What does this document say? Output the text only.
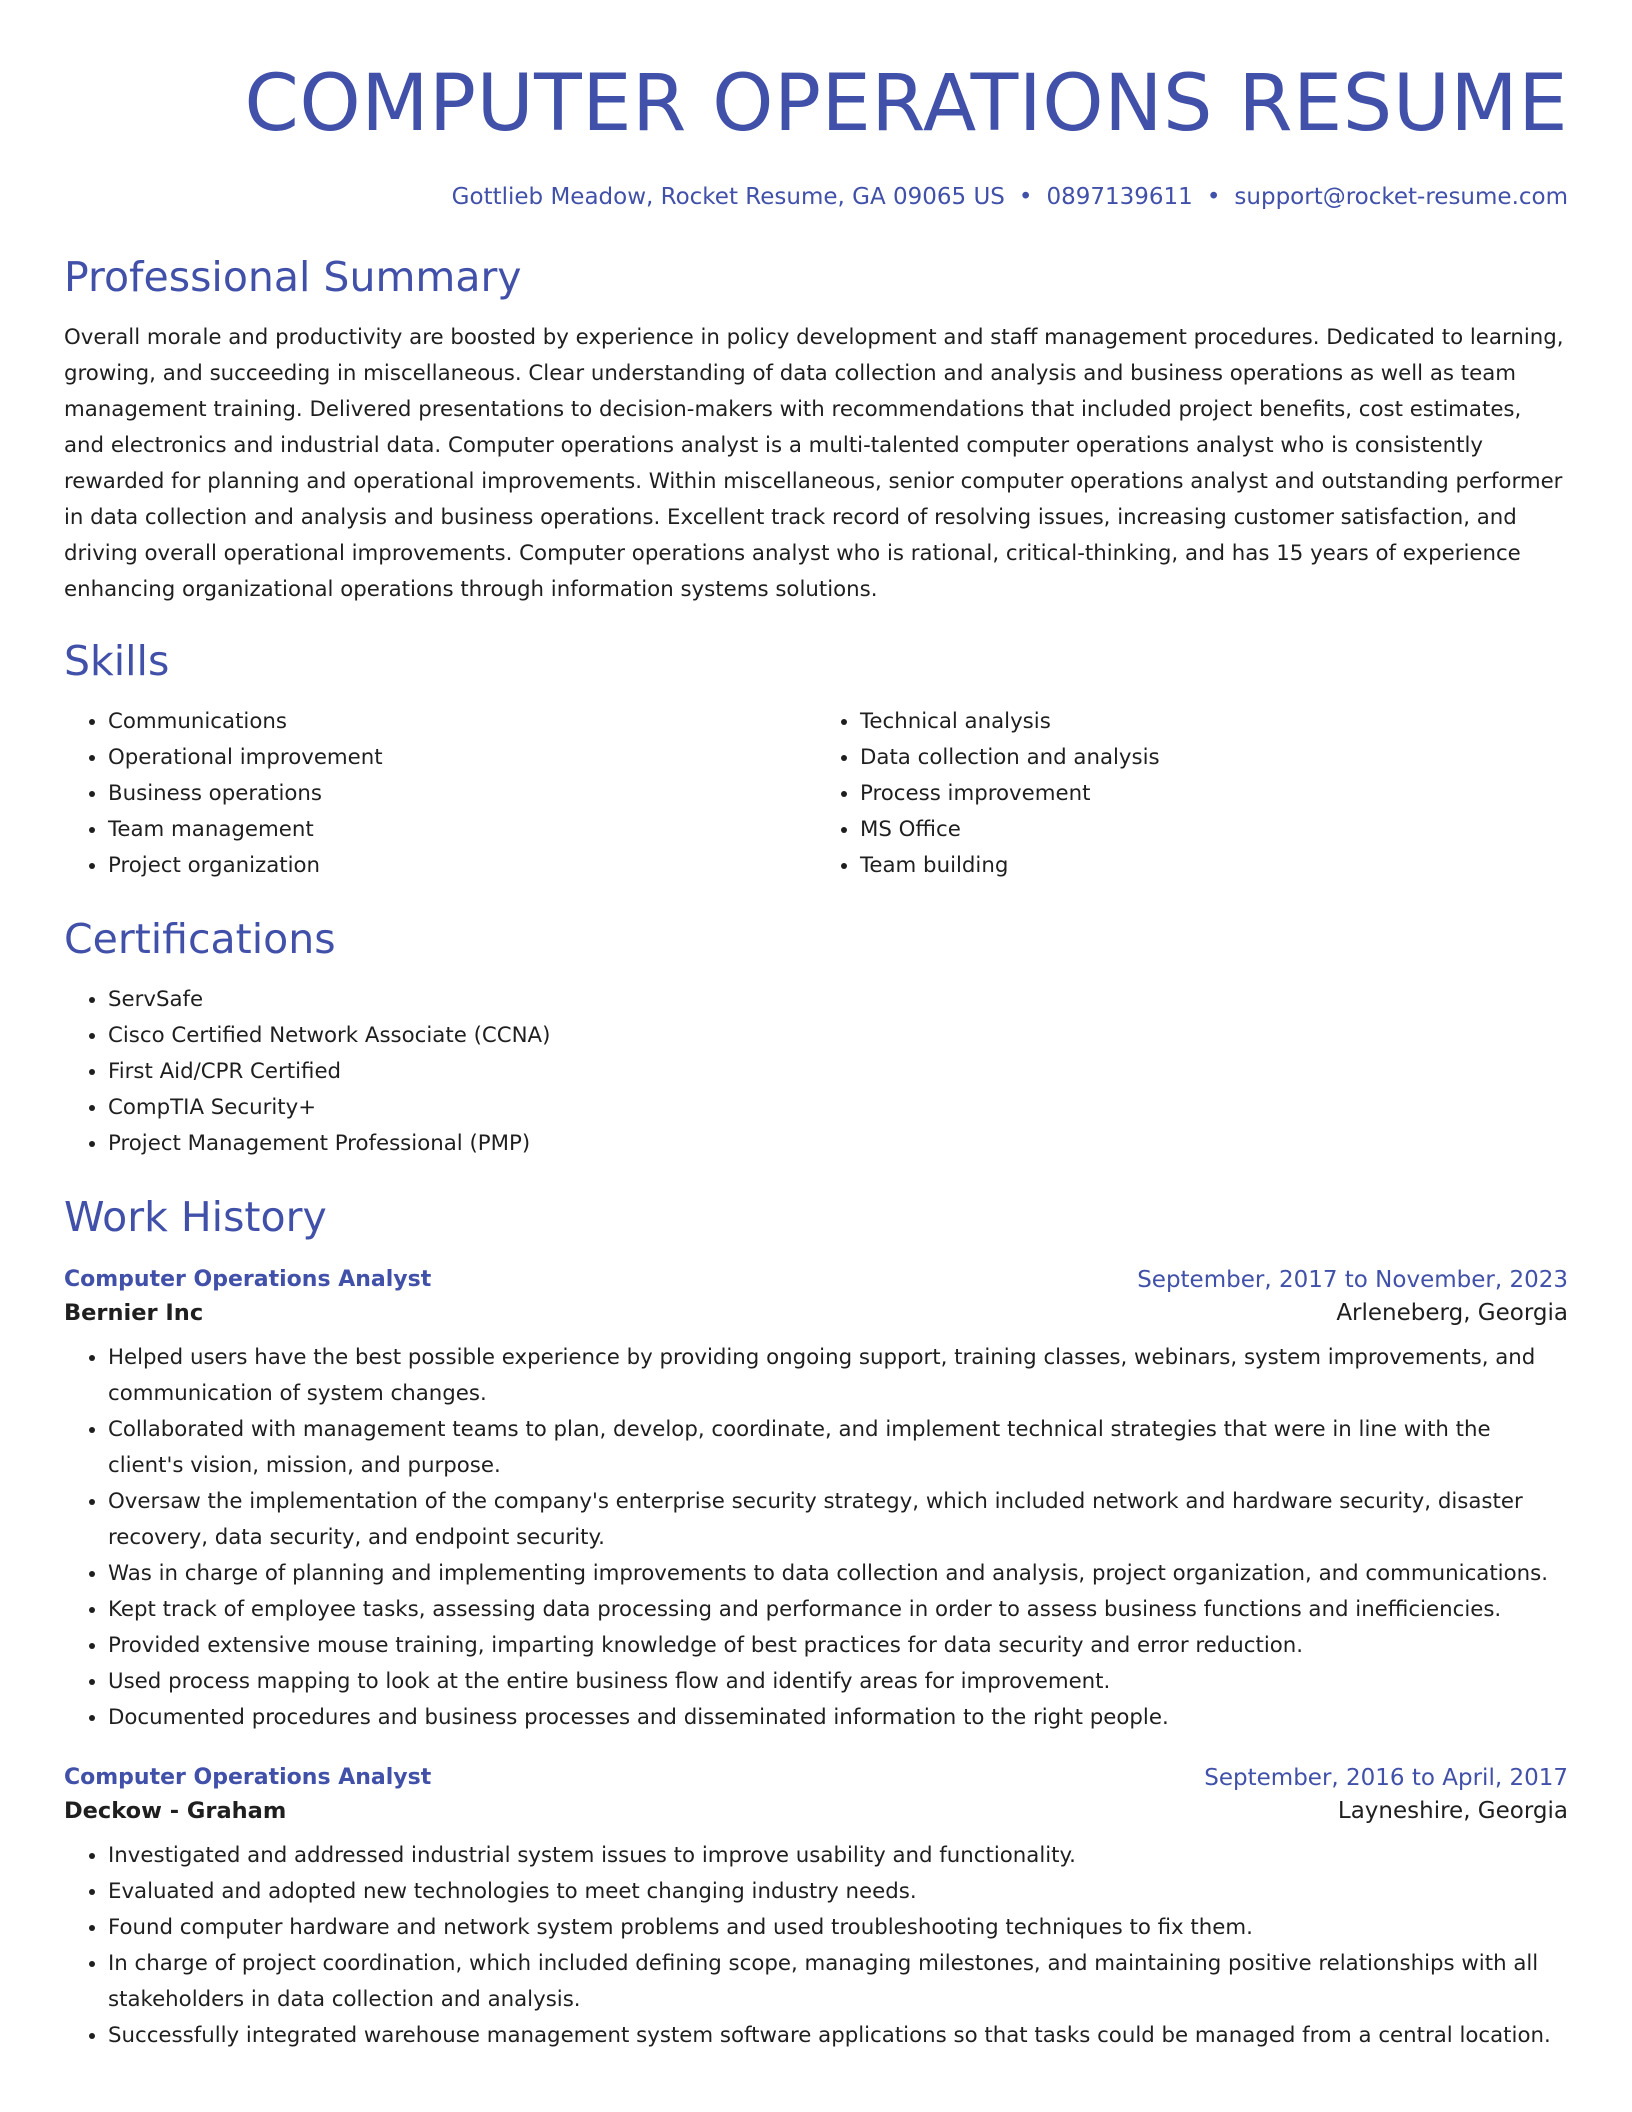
COMPUTER OPERATIONS RESUME
Gottlieb Meadow, Rocket Resume, GA 09065 US • 0897139611 • support@rocket-resume.com
Professional Summary

Overall morale and productivity are boosted by experience in policy development and staff management procedures. Dedicated to learning, growing, and succeeding in miscellaneous. Clear understanding of data collection and analysis and business operations as well as team management training. Delivered presentations to decision-makers with recommendations that included project benefits, cost estimates, and electronics and industrial data. Computer operations analyst is a multi-talented computer operations analyst who is consistently rewarded for planning and operational improvements. Within miscellaneous, senior computer operations analyst and outstanding performer in data collection and analysis and business operations. Excellent track record of resolving issues, increasing customer satisfaction, and driving overall operational improvements. Computer operations analyst who is rational, critical-thinking, and has 15 years of experience enhancing organizational operations through information systems solutions.

Skills
• Communications
• Operational improvement
• Business operations
• Team management
• Project organization
• Technical analysis
• Data collection and analysis
• Process improvement
• MS Office
• Team building
Certifications
• ServSafe
• Cisco Certified Network Associate (CCNA)
• First Aid/CPR Certified
• CompTIA Security+
• Project Management Professional (PMP)
Work History
Computer Operations Analyst	September, 2017 to November, 2023
Bernier Inc	Arleneberg, Georgia
• Helped users have the best possible experience by providing ongoing support, training classes, webinars, system improvements, and communication of system changes.
• Collaborated with management teams to plan, develop, coordinate, and implement technical strategies that were in line with the client's vision, mission, and purpose.
• Oversaw the implementation of the company's enterprise security strategy, which included network and hardware security, disaster recovery, data security, and endpoint security.
• Was in charge of planning and implementing improvements to data collection and analysis, project organization, and communications.
• Kept track of employee tasks, assessing data processing and performance in order to assess business functions and inefficiencies.
• Provided extensive mouse training, imparting knowledge of best practices for data security and error reduction.
• Used process mapping to look at the entire business flow and identify areas for improvement.
• Documented procedures and business processes and disseminated information to the right people.
Computer Operations Analyst	September, 2016 to April, 2017
Deckow - Graham	Layneshire, Georgia
• Investigated and addressed industrial system issues to improve usability and functionality.
• Evaluated and adopted new technologies to meet changing industry needs.
• Found computer hardware and network system problems and used troubleshooting techniques to fix them.
• In charge of project coordination, which included defining scope, managing milestones, and maintaining positive relationships with all stakeholders in data collection and analysis.
• Successfully integrated warehouse management system software applications so that tasks could be managed from a central location.
